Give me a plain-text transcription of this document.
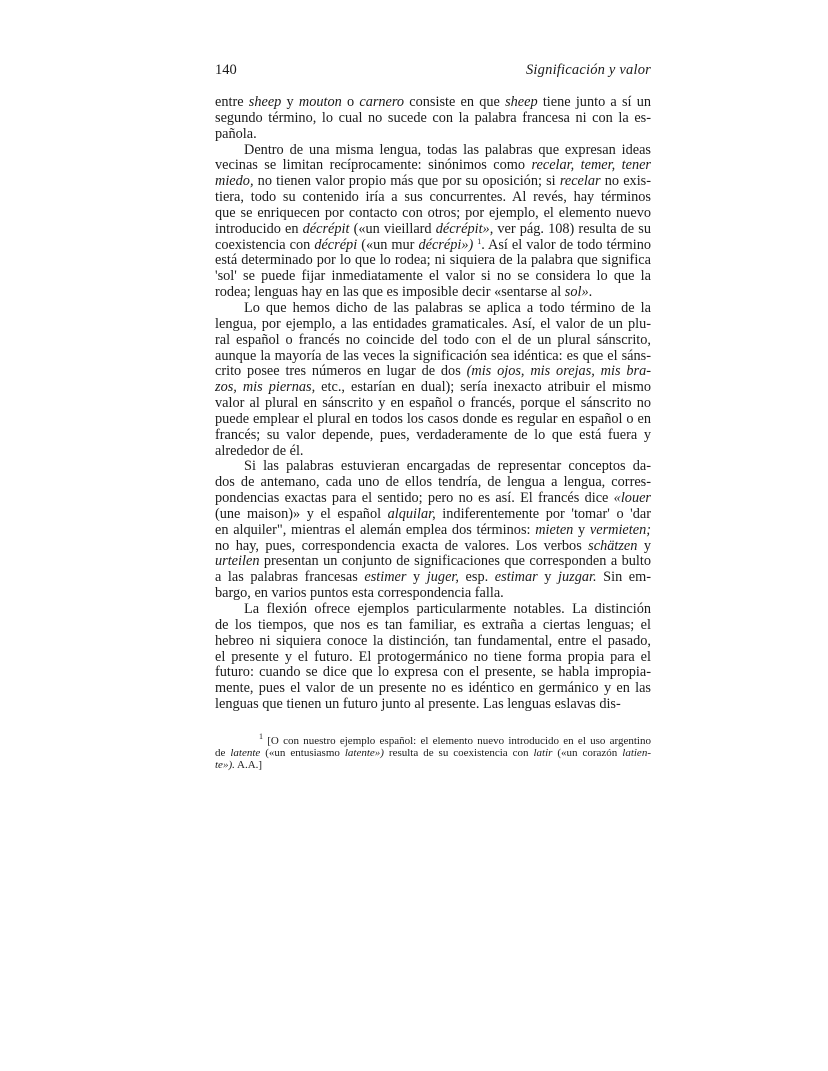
140	Significación y valor

entre sheep y mouton o carnero consiste en que sheep tiene junto a sí un
segundo término, lo cual no sucede con la palabra francesa ni con la es-
pañola.

Dentro de una misma lengua, todas las palabras que expresan ideas
vecinas se limitan recíprocamente: sinónimos como recelar, temer, tener
miedo, no tienen valor propio más que por su oposición; si recelar no exis-
tiera, todo su contenido iría a sus concurrentes. Al revés, hay términos
que se enriquecen por contacto con otros; por ejemplo, el elemento nuevo
introducido en décrépit («un vieillard décrépit», ver pág. 108) resulta de su
coexistencia con décrépi («un mur décrépi») $^1$. Así el valor de todo término
está determinado por lo que lo rodea; ni siquiera de la palabra que significa
'sol' se puede fijar inmediatamente el valor si no se considera lo que la
rodea; lenguas hay en las que es imposible decir «sentarse al sol».

Lo que hemos dicho de las palabras se aplica a todo término de la
lengua, por ejemplo, a las entidades gramaticales. Así, el valor de un plu-
ral español o francés no coincide del todo con el de un plural sánscrito,
aunque la mayoría de las veces la significación sea idéntica: es que el sáns-
crito posee tres números en lugar de dos (mis ojos, mis orejas, mis bra-
zos, mis piernas, etc., estarían en dual); sería inexacto atribuir el mismo
valor al plural en sánscrito y en español o francés, porque el sánscrito no
puede emplear el plural en todos los casos donde es regular en español o en
francés; su valor depende, pues, verdaderamente de lo que está fuera y
alrededor de él.

Si las palabras estuvieran encargadas de representar conceptos da-
dos de antemano, cada uno de ellos tendría, de lengua a lengua, corres-
pondencias exactas para el sentido; pero no es así. El francés dice «louer
(une maison)» y el español alquilar, indiferentemente por 'tomar' o 'dar
en alquiler", mientras el alemán emplea dos términos: mieten y vermieten;
no hay, pues, correspondencia exacta de valores. Los verbos schätzen y
urteilen presentan un conjunto de significaciones que corresponden a bulto
a las palabras francesas estimer y juger, esp. estimar y juzgar. Sin em-
bargo, en varios puntos esta correspondencia falla.

La flexión ofrece ejemplos particularmente notables. La distinción
de los tiempos, que nos es tan familiar, es extraña a ciertas lenguas; el
hebreo ni siquiera conoce la distinción, tan fundamental, entre el pasado,
el presente y el futuro. El protogermánico no tiene forma propia para el
futuro: cuando se dice que lo expresa con el presente, se habla impropia-
mente, pues el valor de un presente no es idéntico en germánico y en las
lenguas que tienen un futuro junto al presente. Las lenguas eslavas dis-

$^1$ [O con nuestro ejemplo español: el elemento nuevo introducido en el uso argentino
de latente («un entusiasmo latente») resulta de su coexistencia con latir («un corazón latien-
te»). A.A.]
